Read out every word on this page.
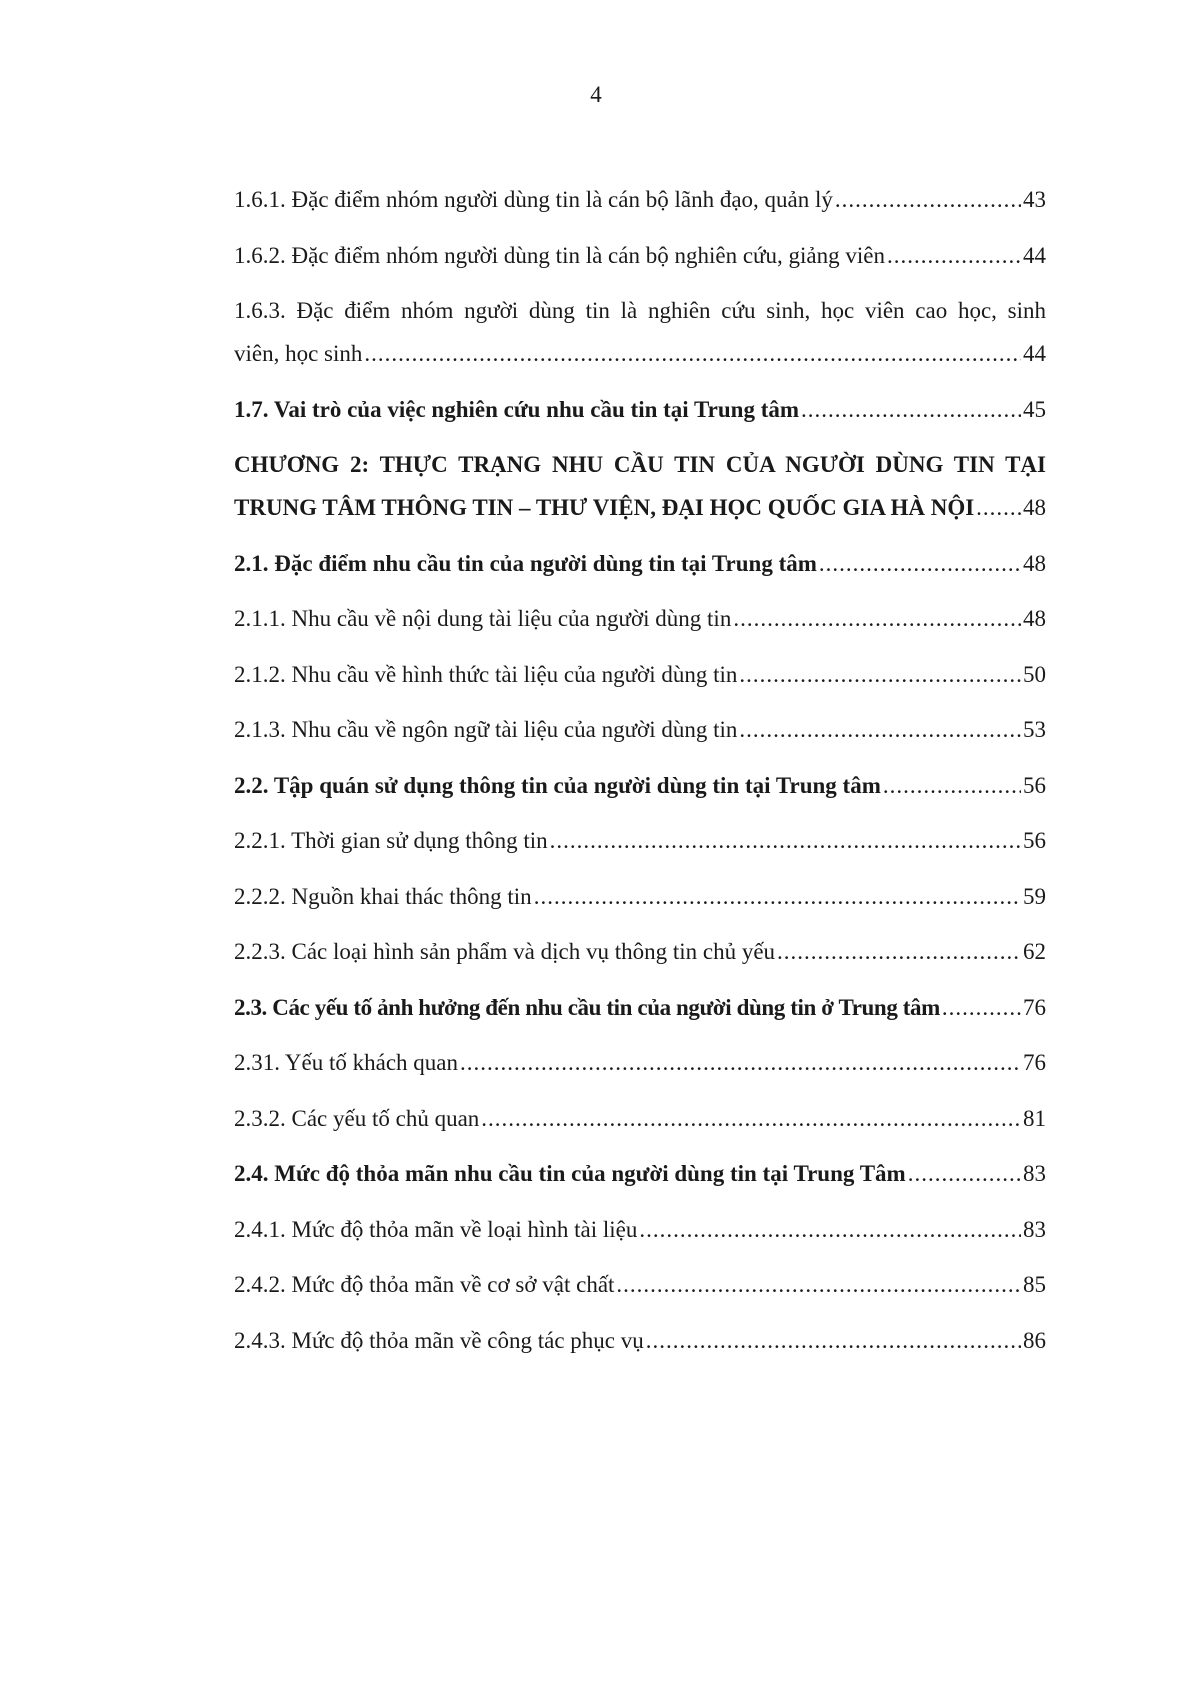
4
1.6.1. Đặc điểm nhóm người dùng tin là cán bộ lãnh đạo, quản lý .....	43
1.6.2. Đặc điểm nhóm người dùng tin là cán bộ nghiên cứu, giảng viên .....	44
1.6.3. Đặc điểm nhóm người dùng tin là nghiên cứu sinh, học viên cao học, sinh
viên, học sinh .....	44
1.7. Vai trò của việc nghiên cứu nhu cầu tin tại Trung tâm .....	45
CHƯƠNG 2: THỰC TRẠNG NHU CẦU TIN CỦA NGƯỜI DÙNG TIN TẠI
TRUNG TÂM THÔNG TIN – THƯ VIỆN, ĐẠI HỌC QUỐC GIA HÀ NỘI ..... 48
2.1. Đặc điểm nhu cầu tin của người dùng tin tại Trung tâm .....	48
2.1.1. Nhu cầu về nội dung tài liệu của người dùng tin .....	48
2.1.2. Nhu cầu về hình thức tài liệu của người dùng tin .....	50
2.1.3. Nhu cầu về ngôn ngữ tài liệu của người dùng tin .....	53
2.2. Tập quán sử dụng thông tin của người dùng tin tại Trung tâm .....	56
2.2.1. Thời gian sử dụng thông tin .....	56
2.2.2. Nguồn khai thác thông tin .....	59
2.2.3. Các loại hình sản phẩm và dịch vụ thông tin chủ yếu .....	62
2.3. Các yếu tố ảnh hưởng đến nhu cầu tin của người dùng tin ở Trung tâm .....	76
2.31. Yếu tố khách quan .....	76
2.3.2. Các yếu tố chủ quan .....	81
2.4. Mức độ thỏa mãn nhu cầu tin của người dùng tin tại Trung Tâm .....	83
2.4.1. Mức độ thỏa mãn về loại hình tài liệu .....	83
2.4.2. Mức độ thỏa mãn về cơ sở vật chất .....	85
2.4.3. Mức độ thỏa mãn về công tác phục vụ .....	86
